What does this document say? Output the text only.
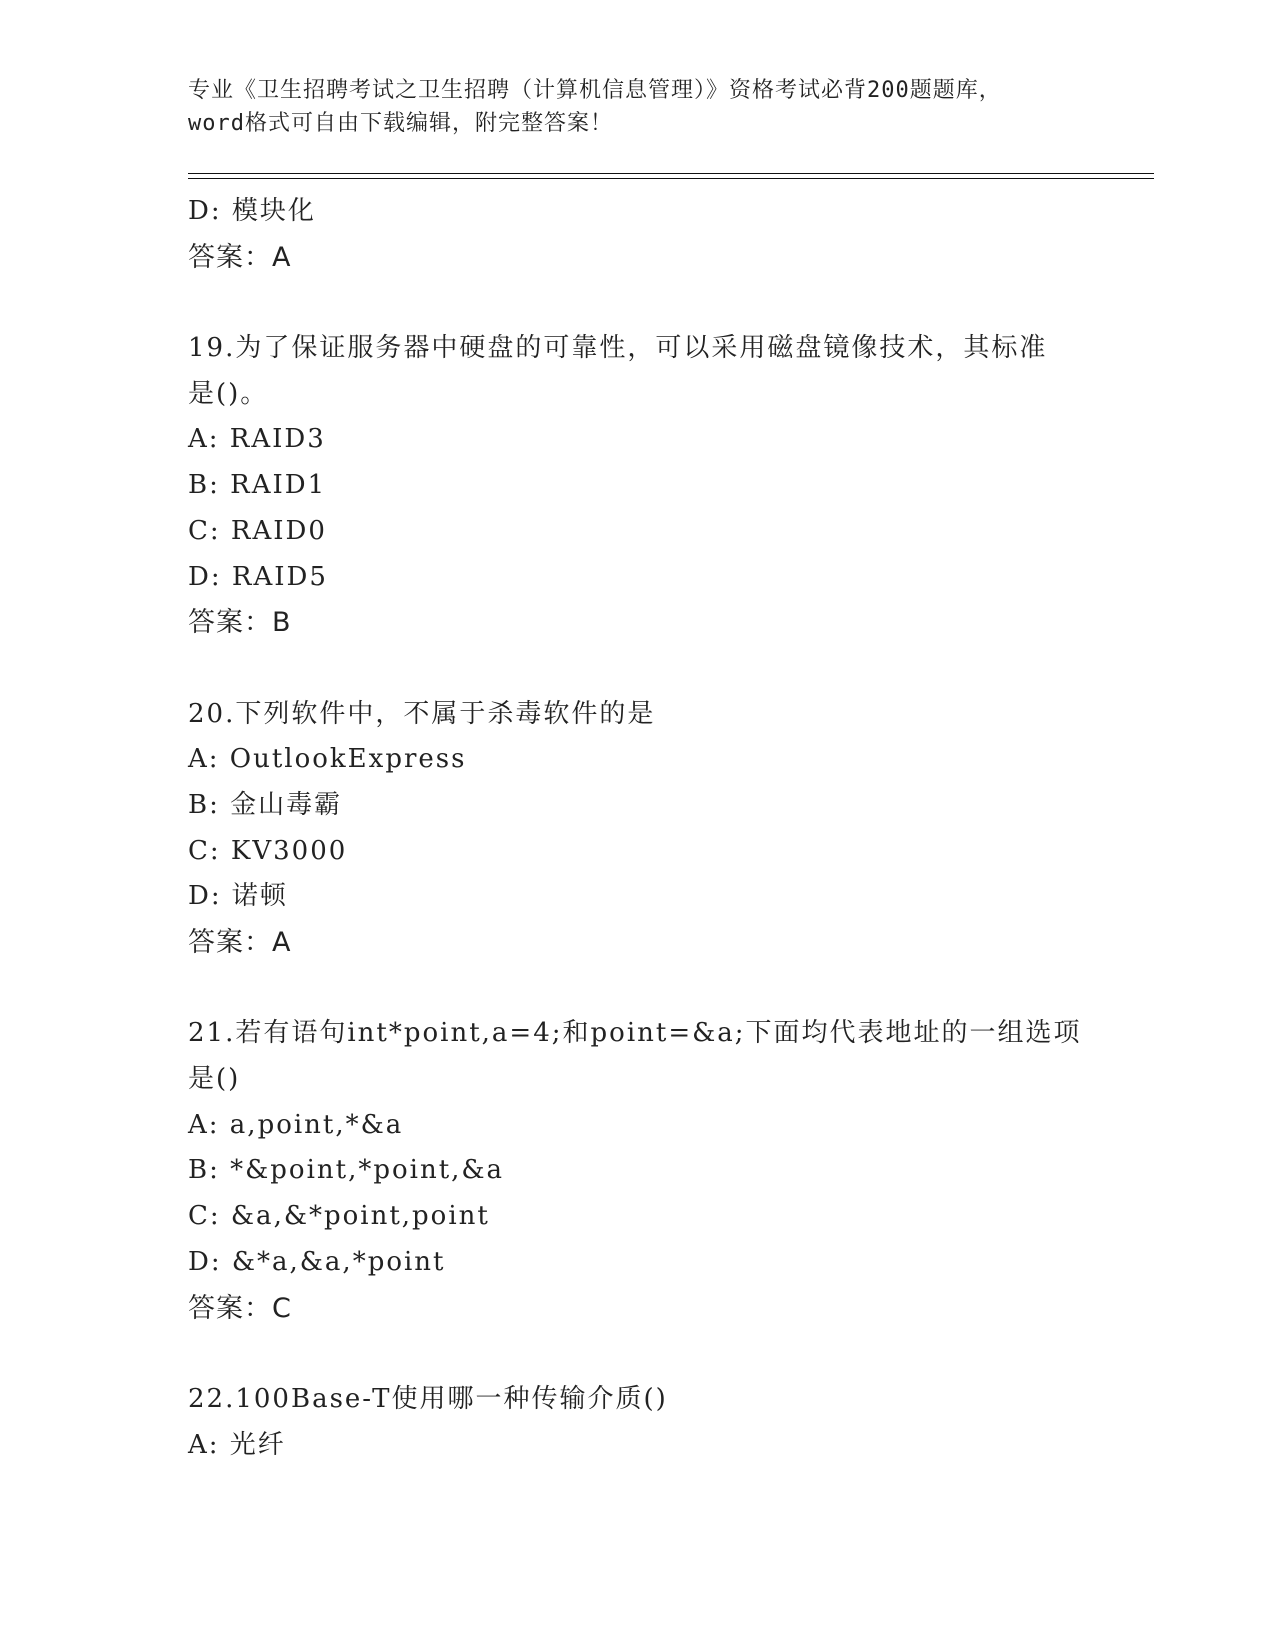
专业《卫生招聘考试之卫生招聘（计算机信息管理）》资格考试必背200题题库，
word格式可自由下载编辑，附完整答案！
D: 模块化
答案：A
19.为了保证服务器中硬盘的可靠性，可以采用磁盘镜像技术，其标准
是()。
A: RAID3
B: RAID1
C: RAID0
D: RAID5
答案：B
20.下列软件中，不属于杀毒软件的是
A: OutlookExpress
B: 金山毒霸
C: KV3000
D: 诺顿
答案：A
21.若有语句int*point,a=4;和point=&a;下面均代表地址的一组选项
是()
A: a,point,*&a
B: *&point,*point,&a
C: &a,&*point,point
D: &*a,&a,*point
答案：C
22.100Base-T使用哪一种传输介质()
A: 光纤
